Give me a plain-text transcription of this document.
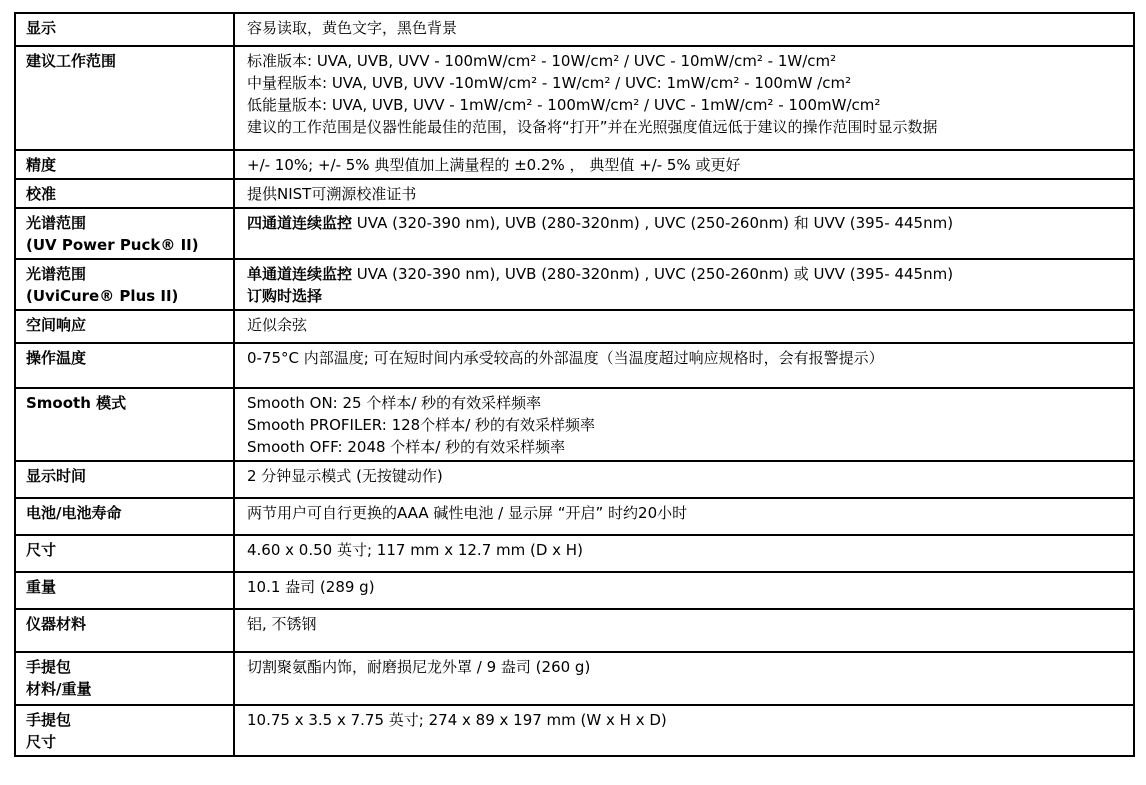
显示	容易读取，黄色文字，黑色背景

建议工作范围	标准版本: UVA, UVB, UVV - 100mW/cm² - 10W/cm² / UVC - 10mW/cm² - 1W/cm²
中量程版本: UVA, UVB, UVV -10mW/cm² - 1W/cm² / UVC: 1mW/cm² - 100mW /cm²
低能量版本: UVA, UVB, UVV - 1mW/cm² - 100mW/cm² / UVC - 1mW/cm² - 100mW/cm²
建议的工作范围是仪器性能最佳的范围，设备将“打开”并在光照强度值远低于建议的操作范围时显示数据

精度	+/- 10%; +/- 5% 典型值加上满量程的 ±0.2% ， 典型值 +/- 5% 或更好

校准	提供NIST可溯源校准证书

光谱范围
(UV Power Puck® II)	四通道连续监控 UVA (320-390 nm), UVB (280-320nm) , UVC (250-260nm) 和 UVV (395- 445nm)

光谱范围
(UviCure® Plus II)	单通道连续监控 UVA (320-390 nm), UVB (280-320nm) , UVC (250-260nm) 或 UVV (395- 445nm)
订购时选择

空间响应	近似余弦

操作温度	0-75°C 内部温度; 可在短时间内承受较高的外部温度（当温度超过响应规格时，会有报警提示）

Smooth 模式	Smooth ON: 25 个样本/ 秒的有效采样频率
Smooth PROFILER: 128个样本/ 秒的有效采样频率
Smooth OFF: 2048 个样本/ 秒的有效采样频率

显示时间	2 分钟显示模式 (无按键动作)

电池/电池寿命	两节用户可自行更换的AAA 碱性电池 / 显示屏 “开启” 时约20小时

尺寸	4.60 x 0.50 英寸; 117 mm x 12.7 mm (D x H)

重量	10.1 盎司 (289 g)

仪器材料	铝, 不锈钢

手提包
材料/重量	切割聚氨酯内饰，耐磨损尼龙外罩 / 9 盎司 (260 g)

手提包
尺寸	10.75 x 3.5 x 7.75 英寸; 274 x 89 x 197 mm (W x H x D)
